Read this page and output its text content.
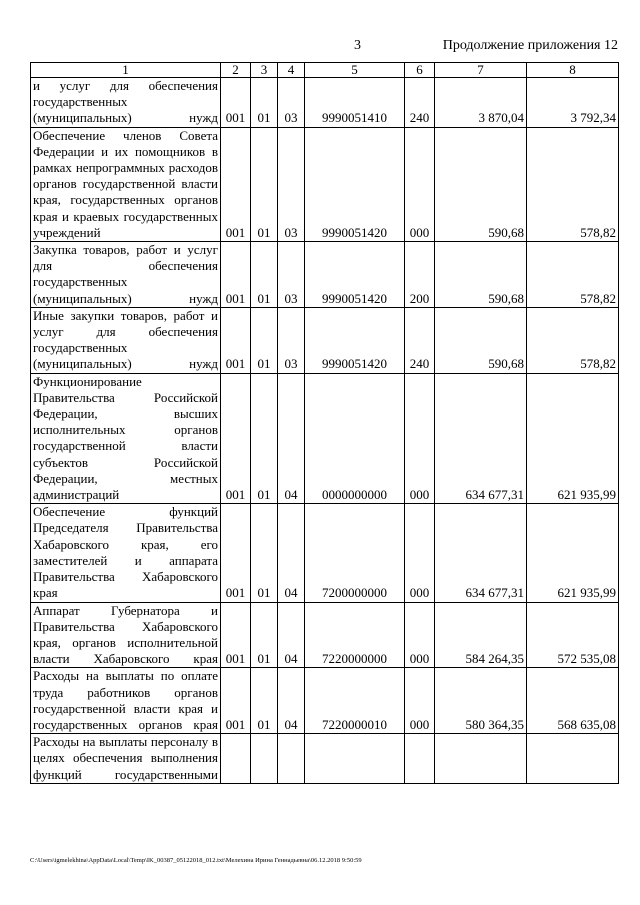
3	Продолжение приложения 12
1	2	3	4	5	6	7	8
и услуг для обеспечения государственных (муниципальных) нужд	001	01	03	9990051410	240	3 870,04	3 792,34
Обеспечение членов Совета Федерации и их помощников в рамках непрограммных расходов органов государственной власти края, государственных органов края и краевых государственных учреждений	001	01	03	9990051420	000	590,68	578,82
Закупка товаров, работ и услуг для обеспечения государственных (муниципальных) нужд	001	01	03	9990051420	200	590,68	578,82
Иные закупки товаров, работ и услуг для обеспечения государственных (муниципальных) нужд	001	01	03	9990051420	240	590,68	578,82
Функционирование Правительства Российской Федерации, высших исполнительных органов государственной власти субъектов Российской Федерации, местных администраций	001	01	04	0000000000	000	634 677,31	621 935,99
Обеспечение функций Председателя Правительства Хабаровского края, его заместителей и аппарата Правительства Хабаровского края	001	01	04	7200000000	000	634 677,31	621 935,99
Аппарат Губернатора и Правительства Хабаровского края, органов исполнительной власти Хабаровского края	001	01	04	7220000000	000	584 264,35	572 535,08
Расходы на выплаты по оплате труда работников органов государственной власти края и государственных органов края	001	01	04	7220000010	000	580 364,35	568 635,08
Расходы на выплаты персоналу в целях обеспечения выполнения функций государственными							
C:\Users\igmelekhina\AppData\Local\Temp\IK_00387_05122018_012.txt\Мелехина Ирина Геннадьевна\06.12.2018 9:50:59
